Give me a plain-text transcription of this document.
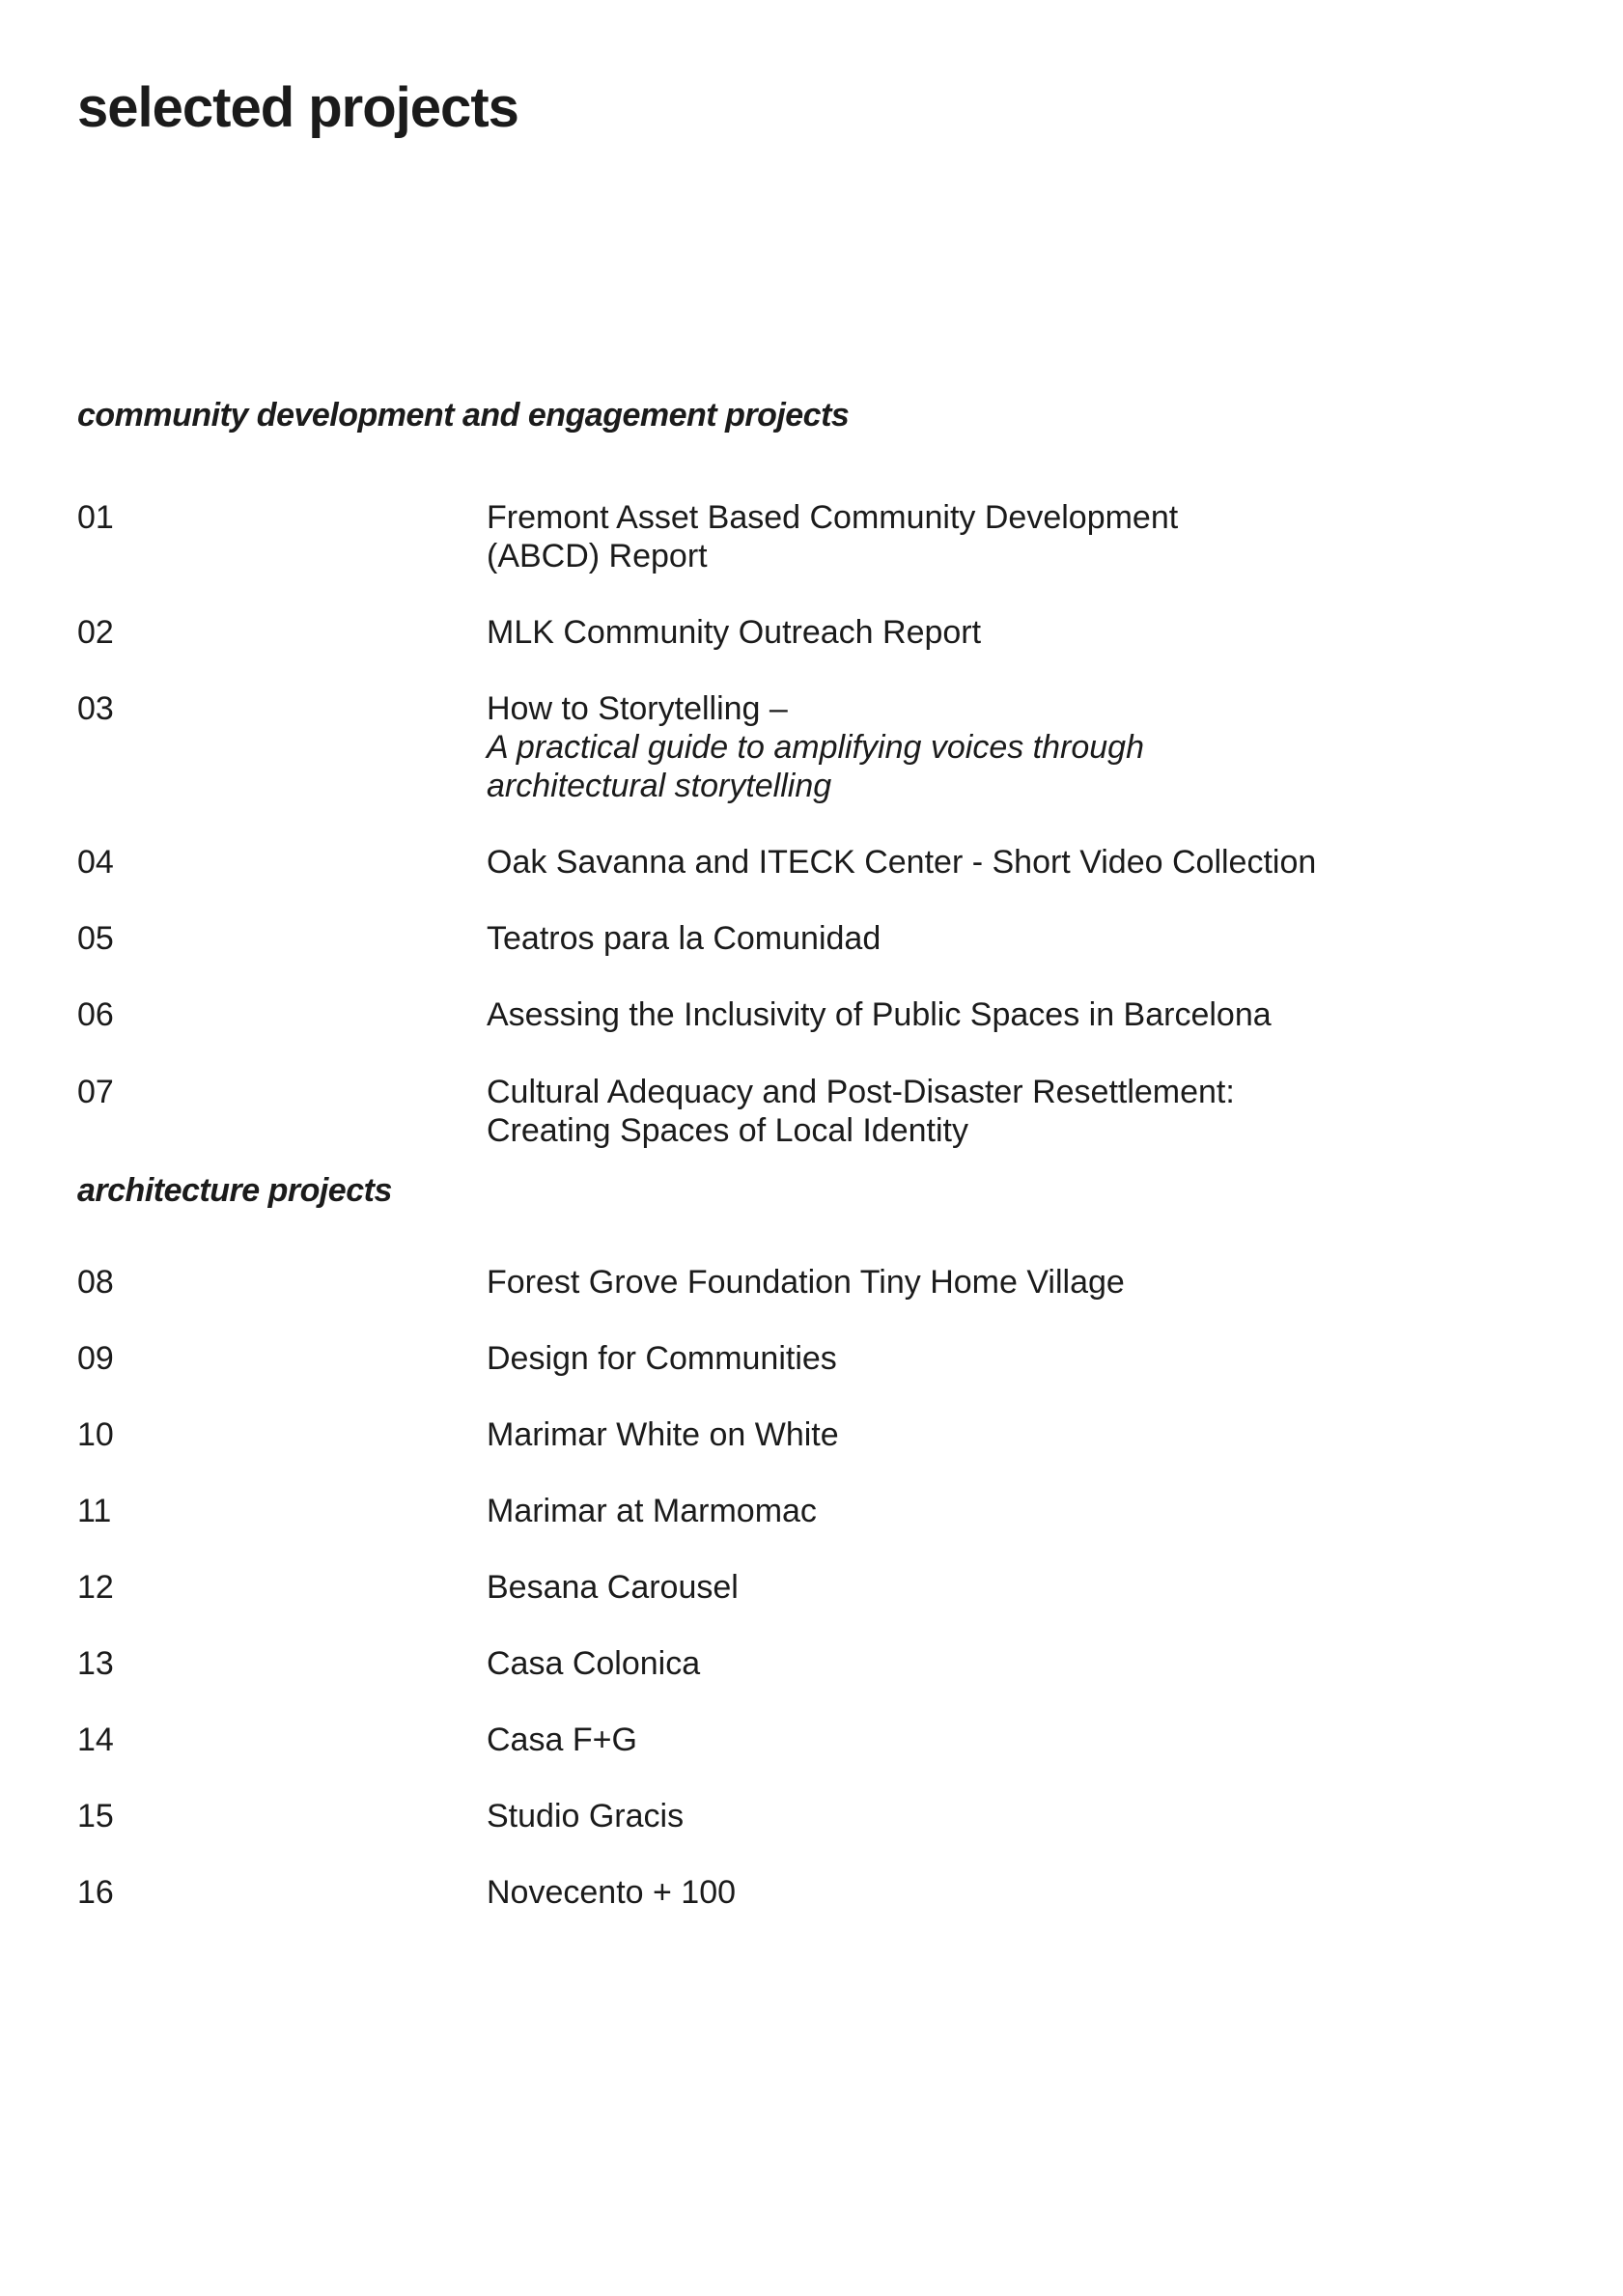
selected projects
community development and engagement projects
01	Fremont Asset Based Community Development
(ABCD) Report
02	MLK Community Outreach Report
03	How to Storytelling –
A practical guide to amplifying voices through
architectural storytelling
04	Oak Savanna and ITECK Center - Short Video Collection
05	Teatros para la Comunidad
06	Asessing the Inclusivity of Public Spaces in Barcelona
07	Cultural Adequacy and Post-Disaster Resettlement:
Creating Spaces of Local Identity
architecture projects
08	Forest Grove Foundation Tiny Home Village
09	Design for Communities
10	Marimar White on White
11	Marimar at Marmomac
12	Besana Carousel
13	Casa Colonica
14	Casa F+G
15	Studio Gracis
16	Novecento + 100
